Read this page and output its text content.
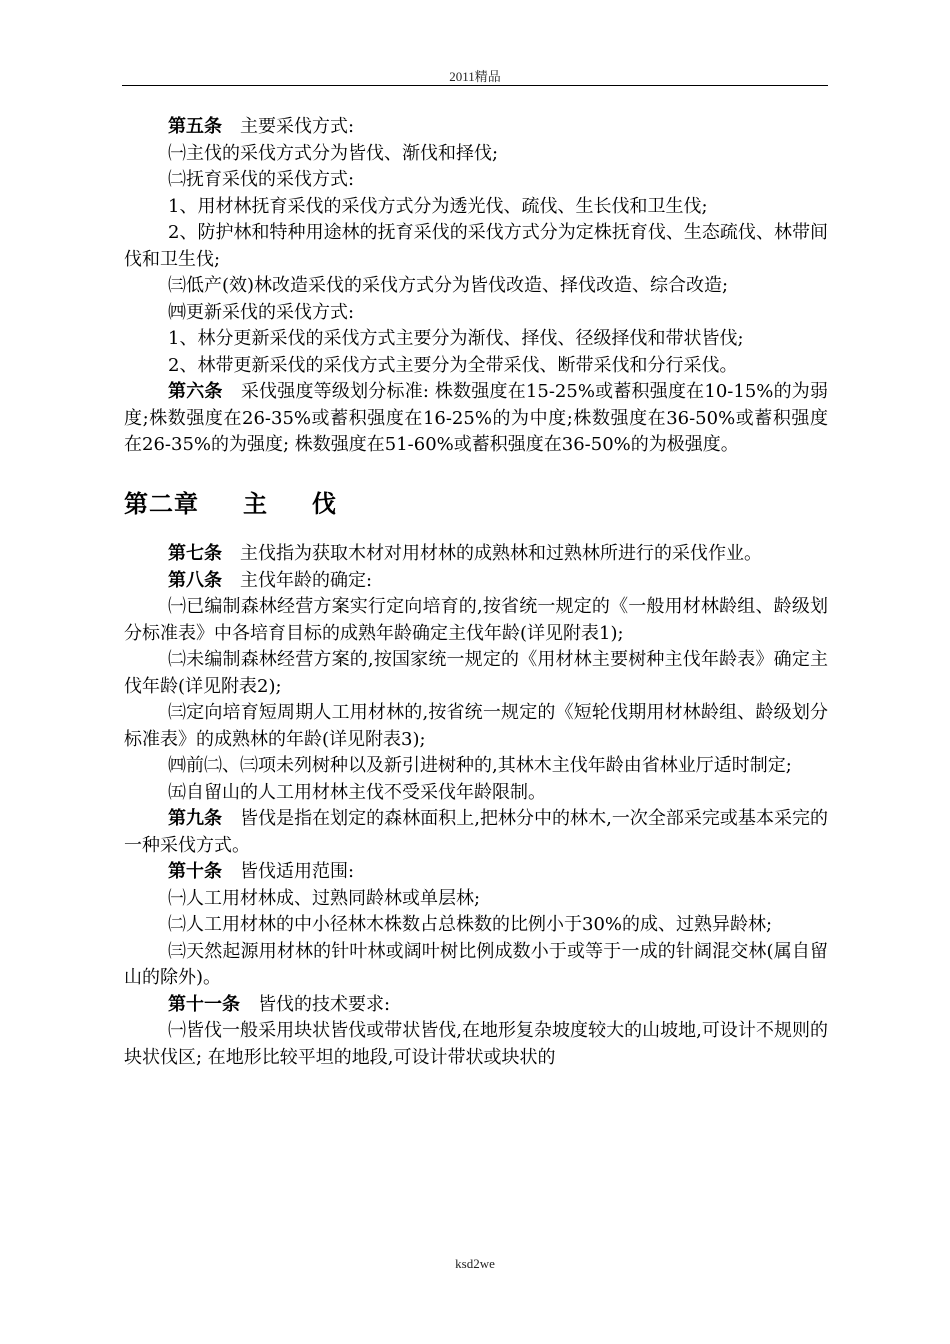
2011精品

第五条　主要采伐方式:

㈠主伐的采伐方式分为皆伐、渐伐和择伐;

㈡抚育采伐的采伐方式:

1、用材林抚育采伐的采伐方式分为透光伐、疏伐、生长伐和卫生伐;

2、防护林和特种用途林的抚育采伐的采伐方式分为定株抚育伐、生态疏伐、林带间伐和卫生伐;

㈢低产(效)林改造采伐的采伐方式分为皆伐改造、择伐改造、综合改造;

㈣更新采伐的采伐方式:

1、林分更新采伐的采伐方式主要分为渐伐、择伐、径级择伐和带状皆伐;

2、林带更新采伐的采伐方式主要分为全带采伐、断带采伐和分行采伐。

第六条　采伐强度等级划分标准: 株数强度在15-25%或蓄积强度在10-15%的为弱度;株数强度在26-35%或蓄积强度在16-25%的为中度;株数强度在36-50%或蓄积强度在26-35%的为强度; 株数强度在51-60%或蓄积强度在36-50%的为极强度。

第二章 主 伐

第七条　主伐指为获取木材对用材林的成熟林和过熟林所进行的采伐作业。

第八条　主伐年龄的确定:

㈠已编制森林经营方案实行定向培育的,按省统一规定的《一般用材林龄组、龄级划分标准表》中各培育目标的成熟年龄确定主伐年龄(详见附表1);

㈡未编制森林经营方案的,按国家统一规定的《用材林主要树种主伐年龄表》确定主伐年龄(详见附表2);

㈢定向培育短周期人工用材林的,按省统一规定的《短轮伐期用材林龄组、龄级划分标准表》的成熟林的年龄(详见附表3);

㈣前㈡、㈢项未列树种以及新引进树种的,其林木主伐年龄由省林业厅适时制定;

㈤自留山的人工用材林主伐不受采伐年龄限制。

第九条　皆伐是指在划定的森林面积上,把林分中的林木,一次全部采完或基本采完的一种采伐方式。

第十条　皆伐适用范围:

㈠人工用材林成、过熟同龄林或单层林;

㈡人工用材林的中小径林木株数占总株数的比例小于30%的成、过熟异龄林;

㈢天然起源用材林的针叶林或阔叶树比例成数小于或等于一成的针阔混交林(属自留山的除外)。

第十一条　皆伐的技术要求:

㈠皆伐一般采用块状皆伐或带状皆伐,在地形复杂坡度较大的山坡地,可设计不规则的块状伐区; 在地形比较平坦的地段,可设计带状或块状的

ksd2we
